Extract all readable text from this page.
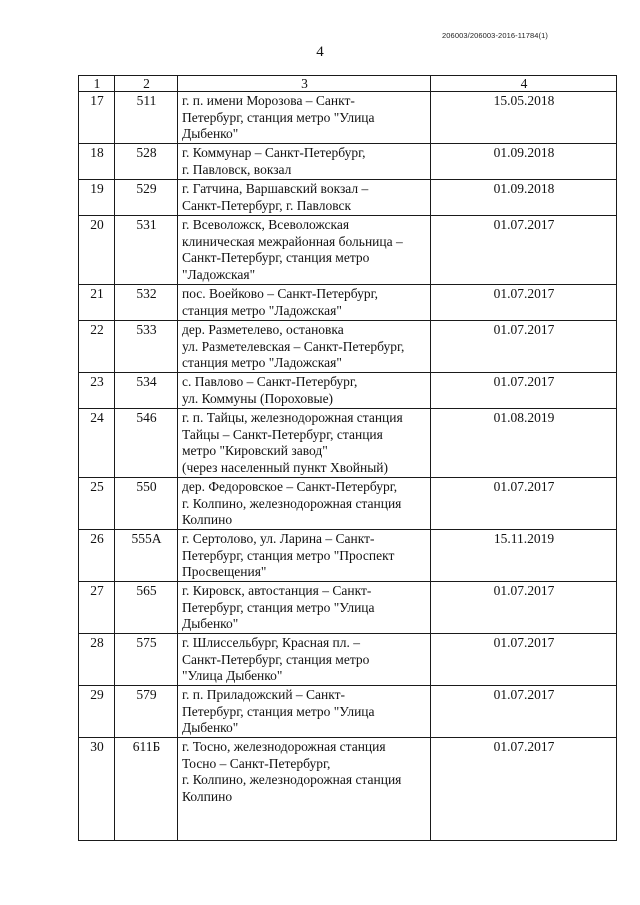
206003/206003-2016-11784(1)
4
1	2	3	4
17	511	г. п. имени Морозова – Санкт-
Петербург, станция метро "Улица
Дыбенко"	15.05.2018
18	528	г. Коммунар – Санкт-Петербург,
г. Павловск, вокзал	01.09.2018
19	529	г. Гатчина, Варшавский вокзал –
Санкт-Петербург, г. Павловск	01.09.2018
20	531	г. Всеволожск, Всеволожская
клиническая межрайонная больница –
Санкт-Петербург, станция метро
"Ладожская"	01.07.2017
21	532	пос. Воейково – Санкт-Петербург,
станция метро "Ладожская"	01.07.2017
22	533	дер. Разметелево, остановка
ул. Разметелевская – Санкт-Петербург,
станция метро "Ладожская"	01.07.2017
23	534	с. Павлово – Санкт-Петербург,
ул. Коммуны (Пороховые)	01.07.2017
24	546	г. п. Тайцы, железнодорожная станция
Тайцы – Санкт-Петербург, станция
метро "Кировский завод"
(через населенный пункт Хвойный)	01.08.2019
25	550	дер. Федоровское – Санкт-Петербург,
г. Колпино, железнодорожная станция
Колпино	01.07.2017
26	555А	г. Сертолово, ул. Ларина – Санкт-
Петербург, станция метро "Проспект
Просвещения"	15.11.2019
27	565	г. Кировск, автостанция – Санкт-
Петербург, станция метро "Улица
Дыбенко"	01.07.2017
28	575	г. Шлиссельбург, Красная пл. –
Санкт-Петербург, станция метро
"Улица Дыбенко"	01.07.2017
29	579	г. п. Приладожский – Санкт-
Петербург, станция метро "Улица
Дыбенко"	01.07.2017
30	611Б	г. Тосно, железнодорожная станция
Тосно – Санкт-Петербург,
г. Колпино, железнодорожная станция
Колпино	01.07.2017
